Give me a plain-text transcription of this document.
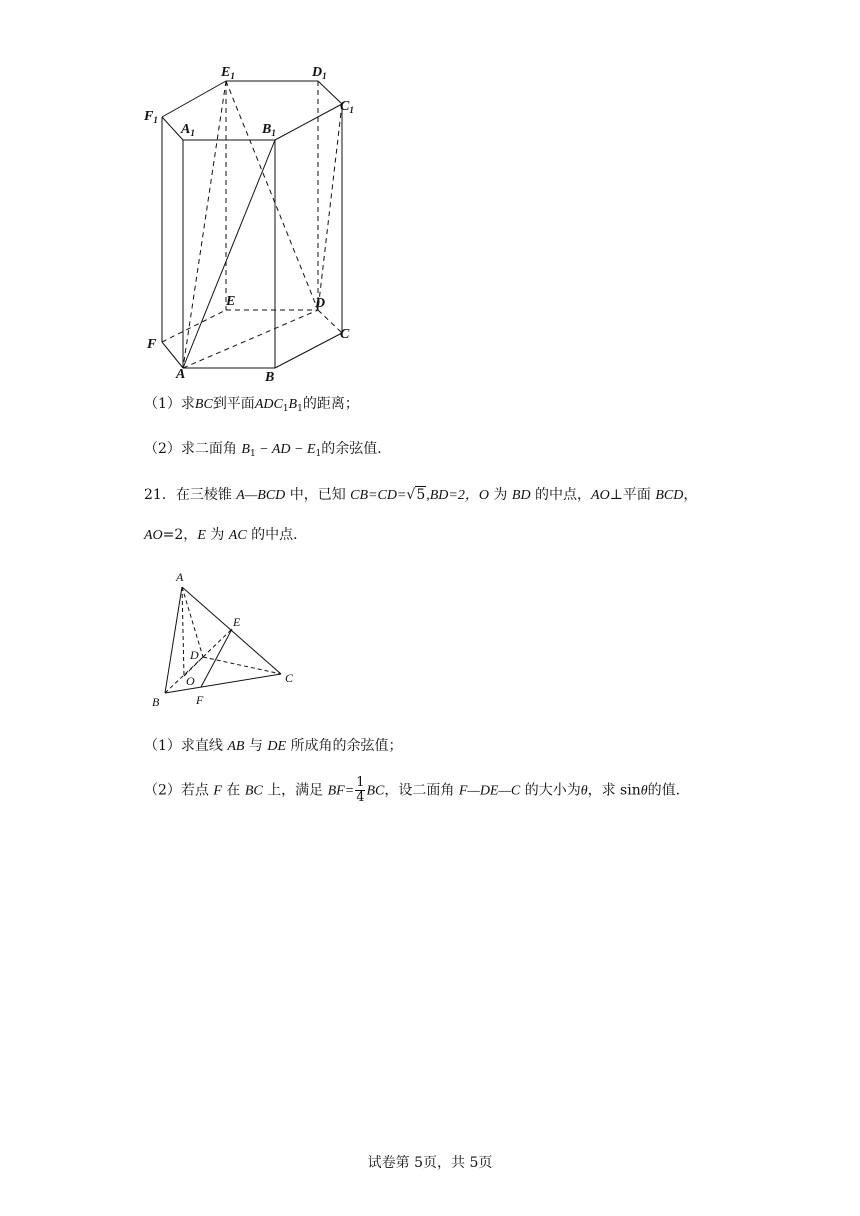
$E_1$	$D_1$
$C_1$
$F_1$
$A_1$	$B_1$
E	D
C
F
A	B
（1）求BC到平面$ADC_1B_1$的距离；
（2）求二面角 $B_1$ − AD − $E_1$的余弦值.
21．在三棱锥 A—BCD 中，已知 CB=CD=√5,BD=2，O 为 BD 的中点，AO⊥平面 BCD，
AO=2，E 为 AC 的中点.
A
E
D
O	C
B	F
（1）求直线 AB 与 DE 所成角的余弦值；
（2）若点 F 在 BC 上，满足 $BF= \frac{1}{4}$ BC，设二面角 F—DE—C 的大小为θ，求 sinθ的值.
试卷第 5页，共 5页
